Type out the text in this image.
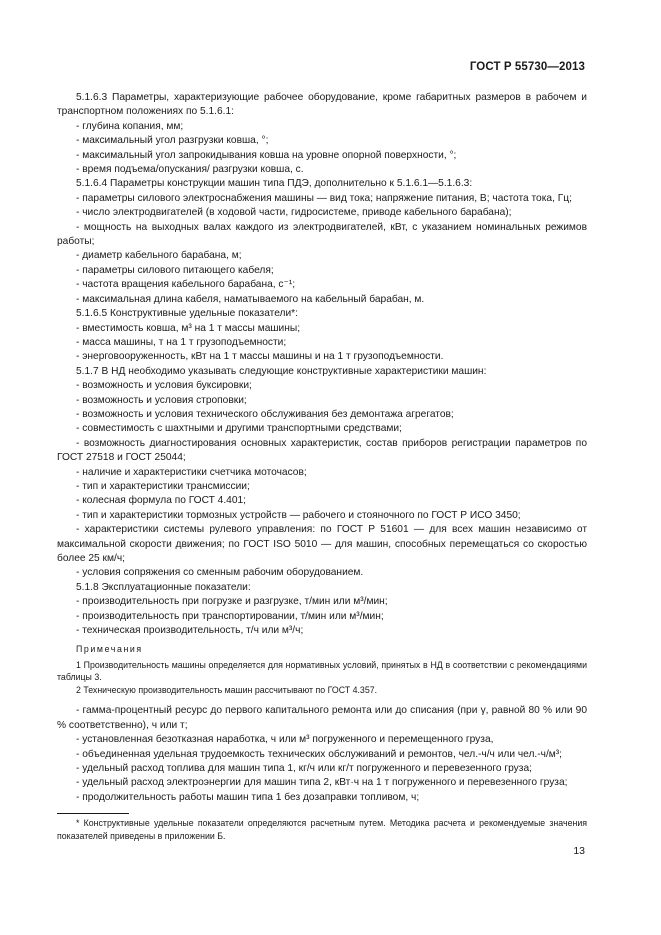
ГОСТ Р 55730—2013

5.1.6.3 Параметры, характеризующие рабочее оборудование, кроме габаритных размеров в рабочем и транспортном положениях по 5.1.6.1:

- глубина копания, мм;

- максимальный угол разгрузки ковша, °;

- максимальный угол запрокидывания ковша на уровне опорной поверхности, °;

- время подъема/опускания/ разгрузки ковша, с.

5.1.6.4 Параметры конструкции машин типа ПДЭ, дополнительно к 5.1.6.1—5.1.6.3:

- параметры силового электроснабжения машины — вид тока; напряжение питания, В; частота тока, Гц;

- число электродвигателей (в ходовой части, гидросистеме, приводе кабельного барабана);

- мощность на выходных валах каждого из электродвигателей, кВт, с указанием номинальных режимов работы;

- диаметр кабельного барабана, м;

- параметры силового питающего кабеля;

- частота вращения кабельного барабана, с⁻¹;

- максимальная длина кабеля, наматываемого на кабельный барабан, м.

5.1.6.5 Конструктивные удельные показатели*:

- вместимость ковша, м³ на 1 т массы машины;

- масса машины, т на 1 т грузоподъемности;

- энерговооруженность, кВт на 1 т массы машины и на 1 т грузоподъемности.

5.1.7 В НД необходимо указывать следующие конструктивные характеристики машин:

- возможность и условия буксировки;

- возможность и условия строповки;

- возможность и условия технического обслуживания без демонтажа агрегатов;

- совместимость с шахтными и другими транспортными средствами;

- возможность диагностирования основных характеристик, состав приборов регистрации параметров по ГОСТ 27518 и ГОСТ 25044;

- наличие и характеристики счетчика моточасов;

- тип и характеристики трансмиссии;

- колесная формула по ГОСТ 4.401;

- тип и характеристики тормозных устройств — рабочего и стояночного по ГОСТ Р ИСО 3450;

- характеристики системы рулевого управления: по ГОСТ Р 51601 — для всех машин независимо от максимальной скорости движения; по ГОСТ ISO 5010 — для машин, способных перемещаться со скоростью более 25 км/ч;

- условия сопряжения со сменным рабочим оборудованием.

5.1.8 Эксплуатационные показатели:

- производительность при погрузке и разгрузке, т/мин или м³/мин;

- производительность при транспортировании, т/мин или м³/мин;

- техническая производительность, т/ч или м³/ч;

Примечания

1 Производительность машины определяется для нормативных условий, принятых в НД в соответствии с рекомендациями таблицы 3.

2 Техническую производительность машин рассчитывают по ГОСТ 4.357.

- гамма-процентный ресурс до первого капитального ремонта или до списания (при γ, равной 80 % или 90 % соответственно), ч или т;

- установленная безотказная наработка, ч или м³ погруженного и перемещенного груза,

- объединенная удельная трудоемкость технических обслуживаний и ремонтов, чел.-ч/ч или чел.-ч/м³;

- удельный расход топлива для машин типа 1, кг/ч или кг/т погруженного и перевезенного груза;

- удельный расход электроэнергии для машин типа 2, кВт·ч на 1 т погруженного и перевезенного груза;

- продолжительность работы машин типа 1 без дозаправки топливом, ч;

* Конструктивные удельные показатели определяются расчетным путем. Методика расчета и рекомендуемые значения показателей приведены в приложении Б.

13
